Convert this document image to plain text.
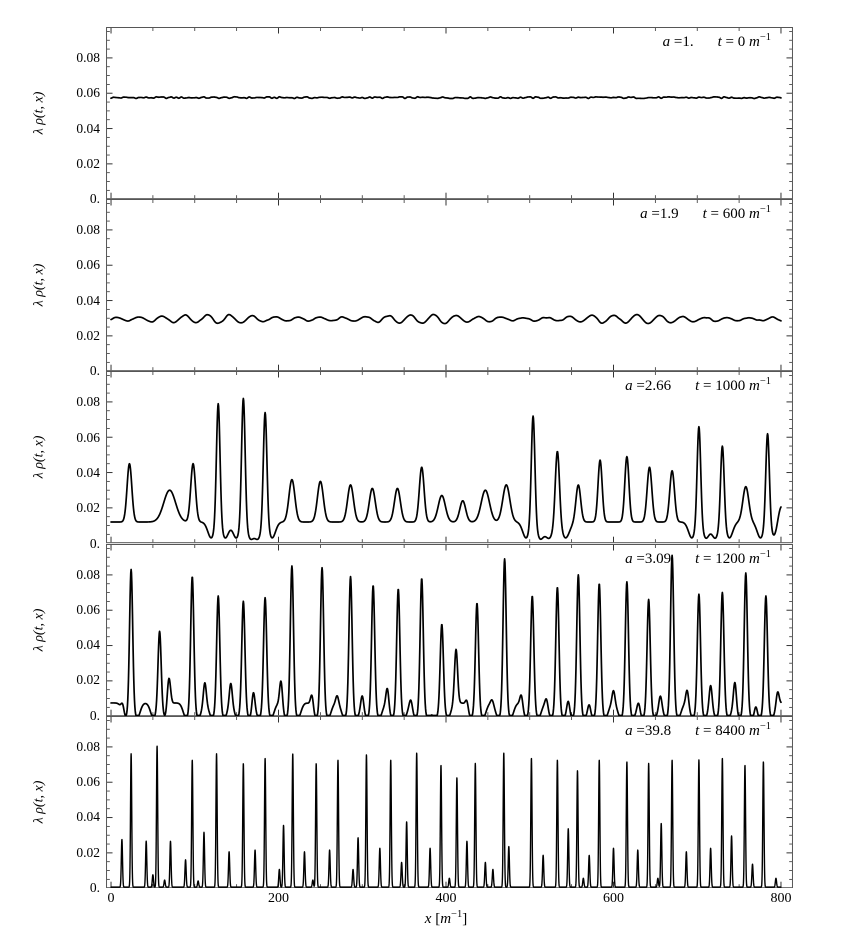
x $[m^{-1}]$
0.08
0.06
0.04
0.02
0.
a =1. t = 0 $m^{-1}$
λ ρ(t, x)
0.08
0.06
0.04
0.02
0.
a =1.9 t = 600 $m^{-1}$
λ ρ(t, x)
0.08
0.06
0.04
0.02
0.
a =2.66 t = 1000 $m^{-1}$
λ ρ(t, x)
0.08
0.06
0.04
0.02
0.
a =3.09 t = 1200 $m^{-1}$
λ ρ(t, x)
0.08
0.06
0.04
0.02
0.
a =39.8 t = 8400 $m^{-1}$
λ ρ(t, x)
0	200	400	600	800
